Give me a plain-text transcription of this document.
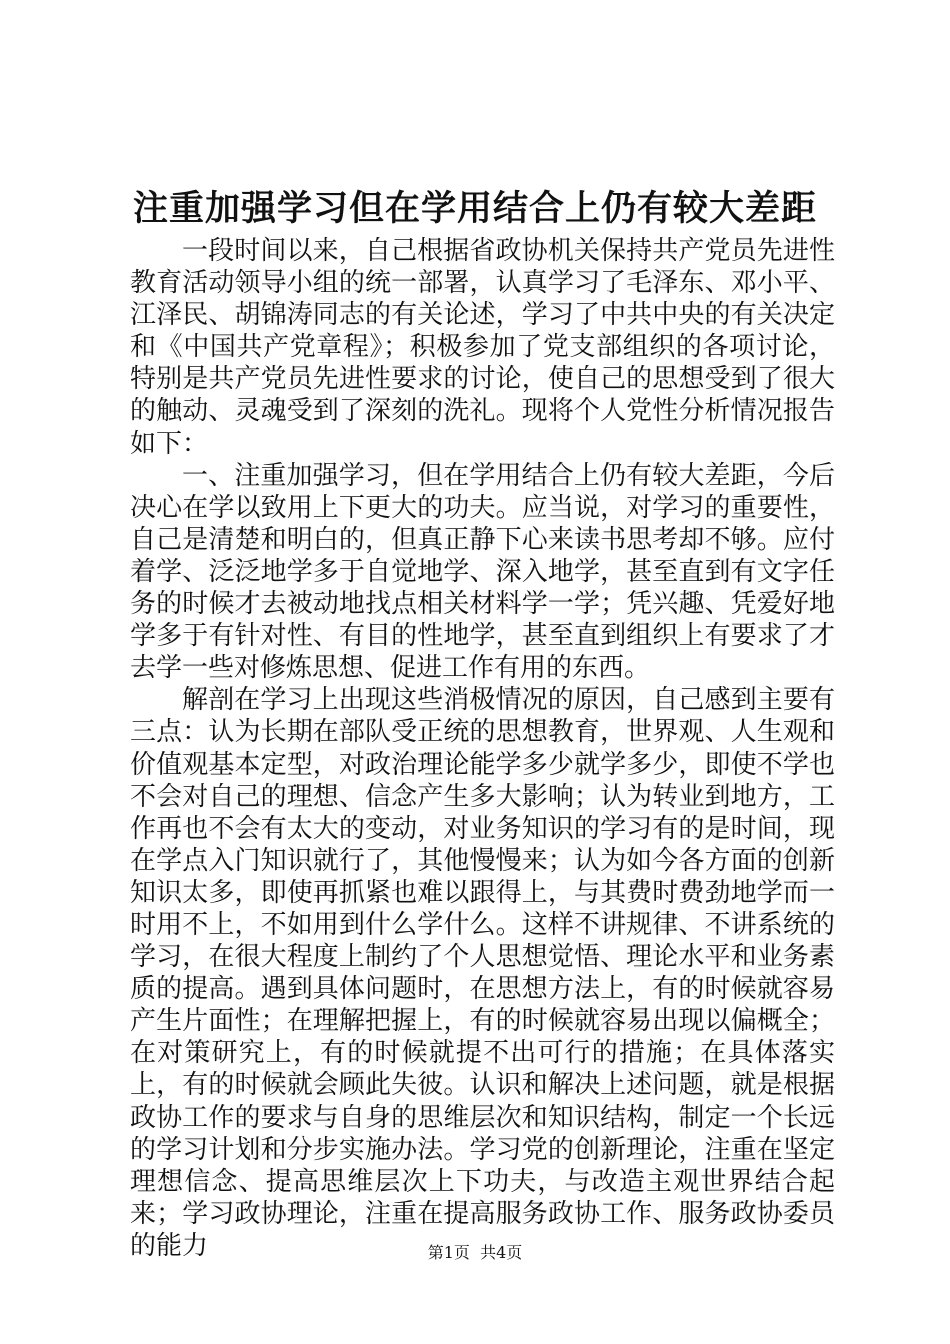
注重加强学习但在学用结合上仍有较大差距

一段时间以来，自己根据省政协机关保持共产党员先进性教育活动领导小组的统一部署，认真学习了毛泽东、邓小平、江泽民、胡锦涛同志的有关论述，学习了中共中央的有关决定和《中国共产党章程》；积极参加了党支部组织的各项讨论，特别是共产党员先进性要求的讨论，使自己的思想受到了很大的触动、灵魂受到了深刻的洗礼。现将个人党性分析情况报告如下：

一、注重加强学习，但在学用结合上仍有较大差距，今后决心在学以致用上下更大的功夫。应当说，对学习的重要性，自己是清楚和明白的，但真正静下心来读书思考却不够。应付着学、泛泛地学多于自觉地学、深入地学，甚至直到有文字任务的时候才去被动地找点相关材料学一学；凭兴趣、凭爱好地学多于有针对性、有目的性地学，甚至直到组织上有要求了才去学一些对修炼思想、促进工作有用的东西。

解剖在学习上出现这些消极情况的原因，自己感到主要有三点：认为长期在部队受正统的思想教育，世界观、人生观和价值观基本定型，对政治理论能学多少就学多少，即使不学也不会对自己的理想、信念产生多大影响；认为转业到地方，工作再也不会有太大的变动，对业务知识的学习有的是时间，现在学点入门知识就行了，其他慢慢来；认为如今各方面的创新知识太多，即使再抓紧也难以跟得上，与其费时费劲地学而一时用不上，不如用到什么学什么。这样不讲规律、不讲系统的学习，在很大程度上制约了个人思想觉悟、理论水平和业务素质的提高。遇到具体问题时，在思想方法上，有的时候就容易产生片面性；在理解把握上，有的时候就容易出现以偏概全；在对策研究上，有的时候就提不出可行的措施；在具体落实上，有的时候就会顾此失彼。认识和解决上述问题，就是根据政协工作的要求与自身的思维层次和知识结构，制定一个长远的学习计划和分步实施办法。学习党的创新理论，注重在坚定理想信念、提高思维层次上下功夫，与改造主观世界结合起来；学习政协理论，注重在提高服务政协工作、服务政协委员的能力	第1页  共4页
